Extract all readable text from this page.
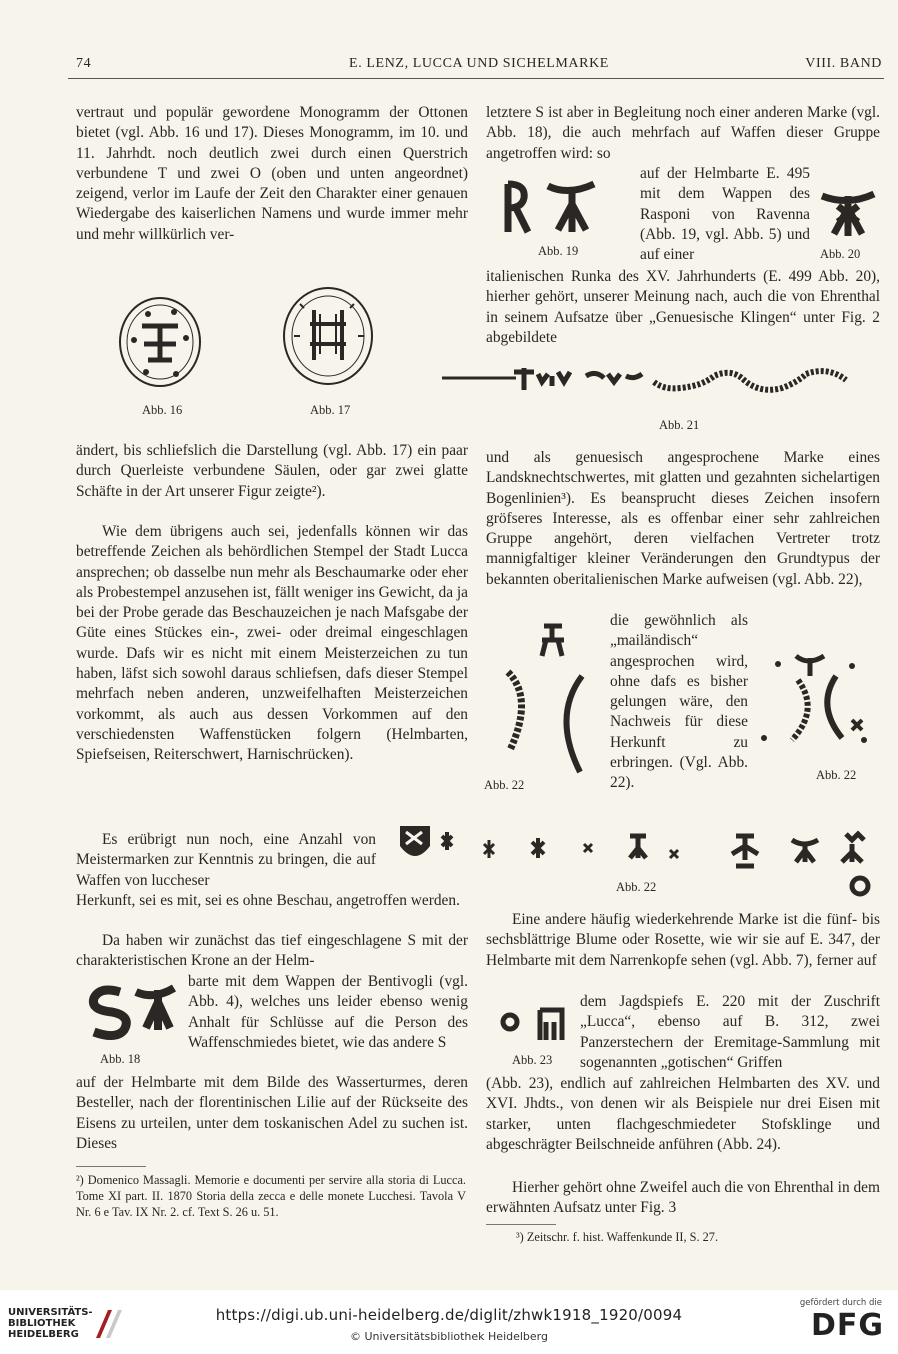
74	E. LENZ, LUCCA UND SICHELMARKE	VIII. BAND

vertraut und populär gewordene Monogramm der Ottonen bietet (vgl. Abb. 16 und 17). Dieses Monogramm, im 10. und 11. Jahrhdt. noch deutlich zwei durch einen Querstrich verbundene T und zwei O (oben und unten angeordnet) zeigend, verlor im Laufe der Zeit den Charakter einer genauen Wiedergabe des kaiserlichen Namens und wurde immer mehr und mehr willkürlich ver-

Abb. 16	Abb. 17

ändert, bis schliefslich die Darstellung (vgl. Abb. 17) ein paar durch Querleiste verbundene Säulen, oder gar zwei glatte Schäfte in der Art unserer Figur zeigte²).

Wie dem übrigens auch sei, jedenfalls können wir das betreffende Zeichen als behördlichen Stempel der Stadt Lucca ansprechen; ob dasselbe nun mehr als Beschaumarke oder eher als Probestempel anzusehen ist, fällt weniger ins Gewicht, da ja bei der Probe gerade das Beschauzeichen je nach Mafsgabe der Güte eines Stückes ein-, zwei- oder dreimal eingeschlagen wurde. Dafs wir es nicht mit einem Meisterzeichen zu tun haben, läfst sich sowohl daraus schliefsen, dafs dieser Stempel mehrfach neben anderen, unzweifelhaften Meisterzeichen vorkommt, als auch aus dessen Vorkommen auf den verschiedensten Waffenstücken folgern (Helmbarten, Spiefseisen, Reiterschwert, Harnischrücken).

Es erübrigt nun noch, eine Anzahl von Meistermarken zur Kenntnis zu bringen, die auf Waffen von luccheser

Herkunft, sei es mit, sei es ohne Beschau, angetroffen werden.

Da haben wir zunächst das tief eingeschlagene S mit der charakteristischen Krone an der Helm-

barte mit dem Wappen der Bentivogli (vgl. Abb. 4), welches uns leider ebenso wenig Anhalt für Schlüsse auf die Person des Waffenschmiedes bietet, wie das andere S

Abb. 18

auf der Helmbarte mit dem Bilde des Wasserturmes, deren Besteller, nach der florentinischen Lilie auf der Rückseite des Eisens zu urteilen, unter dem toskanischen Adel zu suchen ist. Dieses

²) Domenico Massagli. Memorie e documenti per servire alla storia di Lucca. Tome XI part. II. 1870 Storia della zecca e delle monete Lucchesi. Tavola V Nr. 6 e Tav. IX Nr. 2. cf. Text S. 26 u. 51.

letztere S ist aber in Begleitung noch einer anderen Marke (vgl. Abb. 18), die auch mehrfach auf Waffen dieser Gruppe angetroffen wird: so

auf der Helmbarte E. 495 mit dem Wappen des Rasponi von Ravenna (Abb. 19, vgl. Abb. 5) und auf einer

Abb. 19	Abb. 20

italienischen Runka des XV. Jahrhunderts (E. 499 Abb. 20), hierher gehört, unserer Meinung nach, auch die von Ehrenthal in seinem Aufsatze über „Genuesische Klingen“ unter Fig. 2 abgebildete

Abb. 21

und als genuesisch angesprochene Marke eines Landsknechtschwertes, mit glatten und gezahnten sichelartigen Bogenlinien³). Es beansprucht dieses Zeichen insofern gröfseres Interesse, als es offenbar einer sehr zahlreichen Gruppe angehört, deren vielfachen Vertreter trotz mannigfaltiger kleiner Veränderungen den Grundtypus der bekannten oberitalienischen Marke aufweisen (vgl. Abb. 22),

Abb. 22

die gewöhnlich als „mailändisch“ angesprochen wird, ohne dafs es bisher gelungen wäre, den Nachweis für diese Herkunft zu erbringen. (Vgl. Abb. 22).	Abb. 22
Abb. 22

Eine andere häufig wiederkehrende Marke ist die fünf- bis sechsblättrige Blume oder Rosette, wie wir sie auf E. 347, der Helmbarte mit dem Narrenkopfe sehen (vgl. Abb. 7), ferner auf

dem Jagdspiefs E. 220 mit der Zuschrift „Lucca“, ebenso auf B. 312, zwei Panzerstechern der Eremitage-Sammlung mit sogenannten „gotischen“ Griffen

Abb. 23

(Abb. 23), endlich auf zahlreichen Helmbarten des XV. und XVI. Jhdts., von denen wir als Beispiele nur drei Eisen mit starker, unten flachgeschmiedeter Stofsklinge und abgeschrägter Beilschneide anführen (Abb. 24).

Hierher gehört ohne Zweifel auch die von Ehrenthal in dem erwähnten Aufsatz unter Fig. 3

³) Zeitschr. f. hist. Waffenkunde II, S. 27.
UNIVERSITÄTS-
BIBLIOTHEK
HEIDELBERG
https://digi.ub.uni-heidelberg.de/diglit/zhwk1918_1920/0094
© Universitätsbibliothek Heidelberg
gefördert durch die
DFG
